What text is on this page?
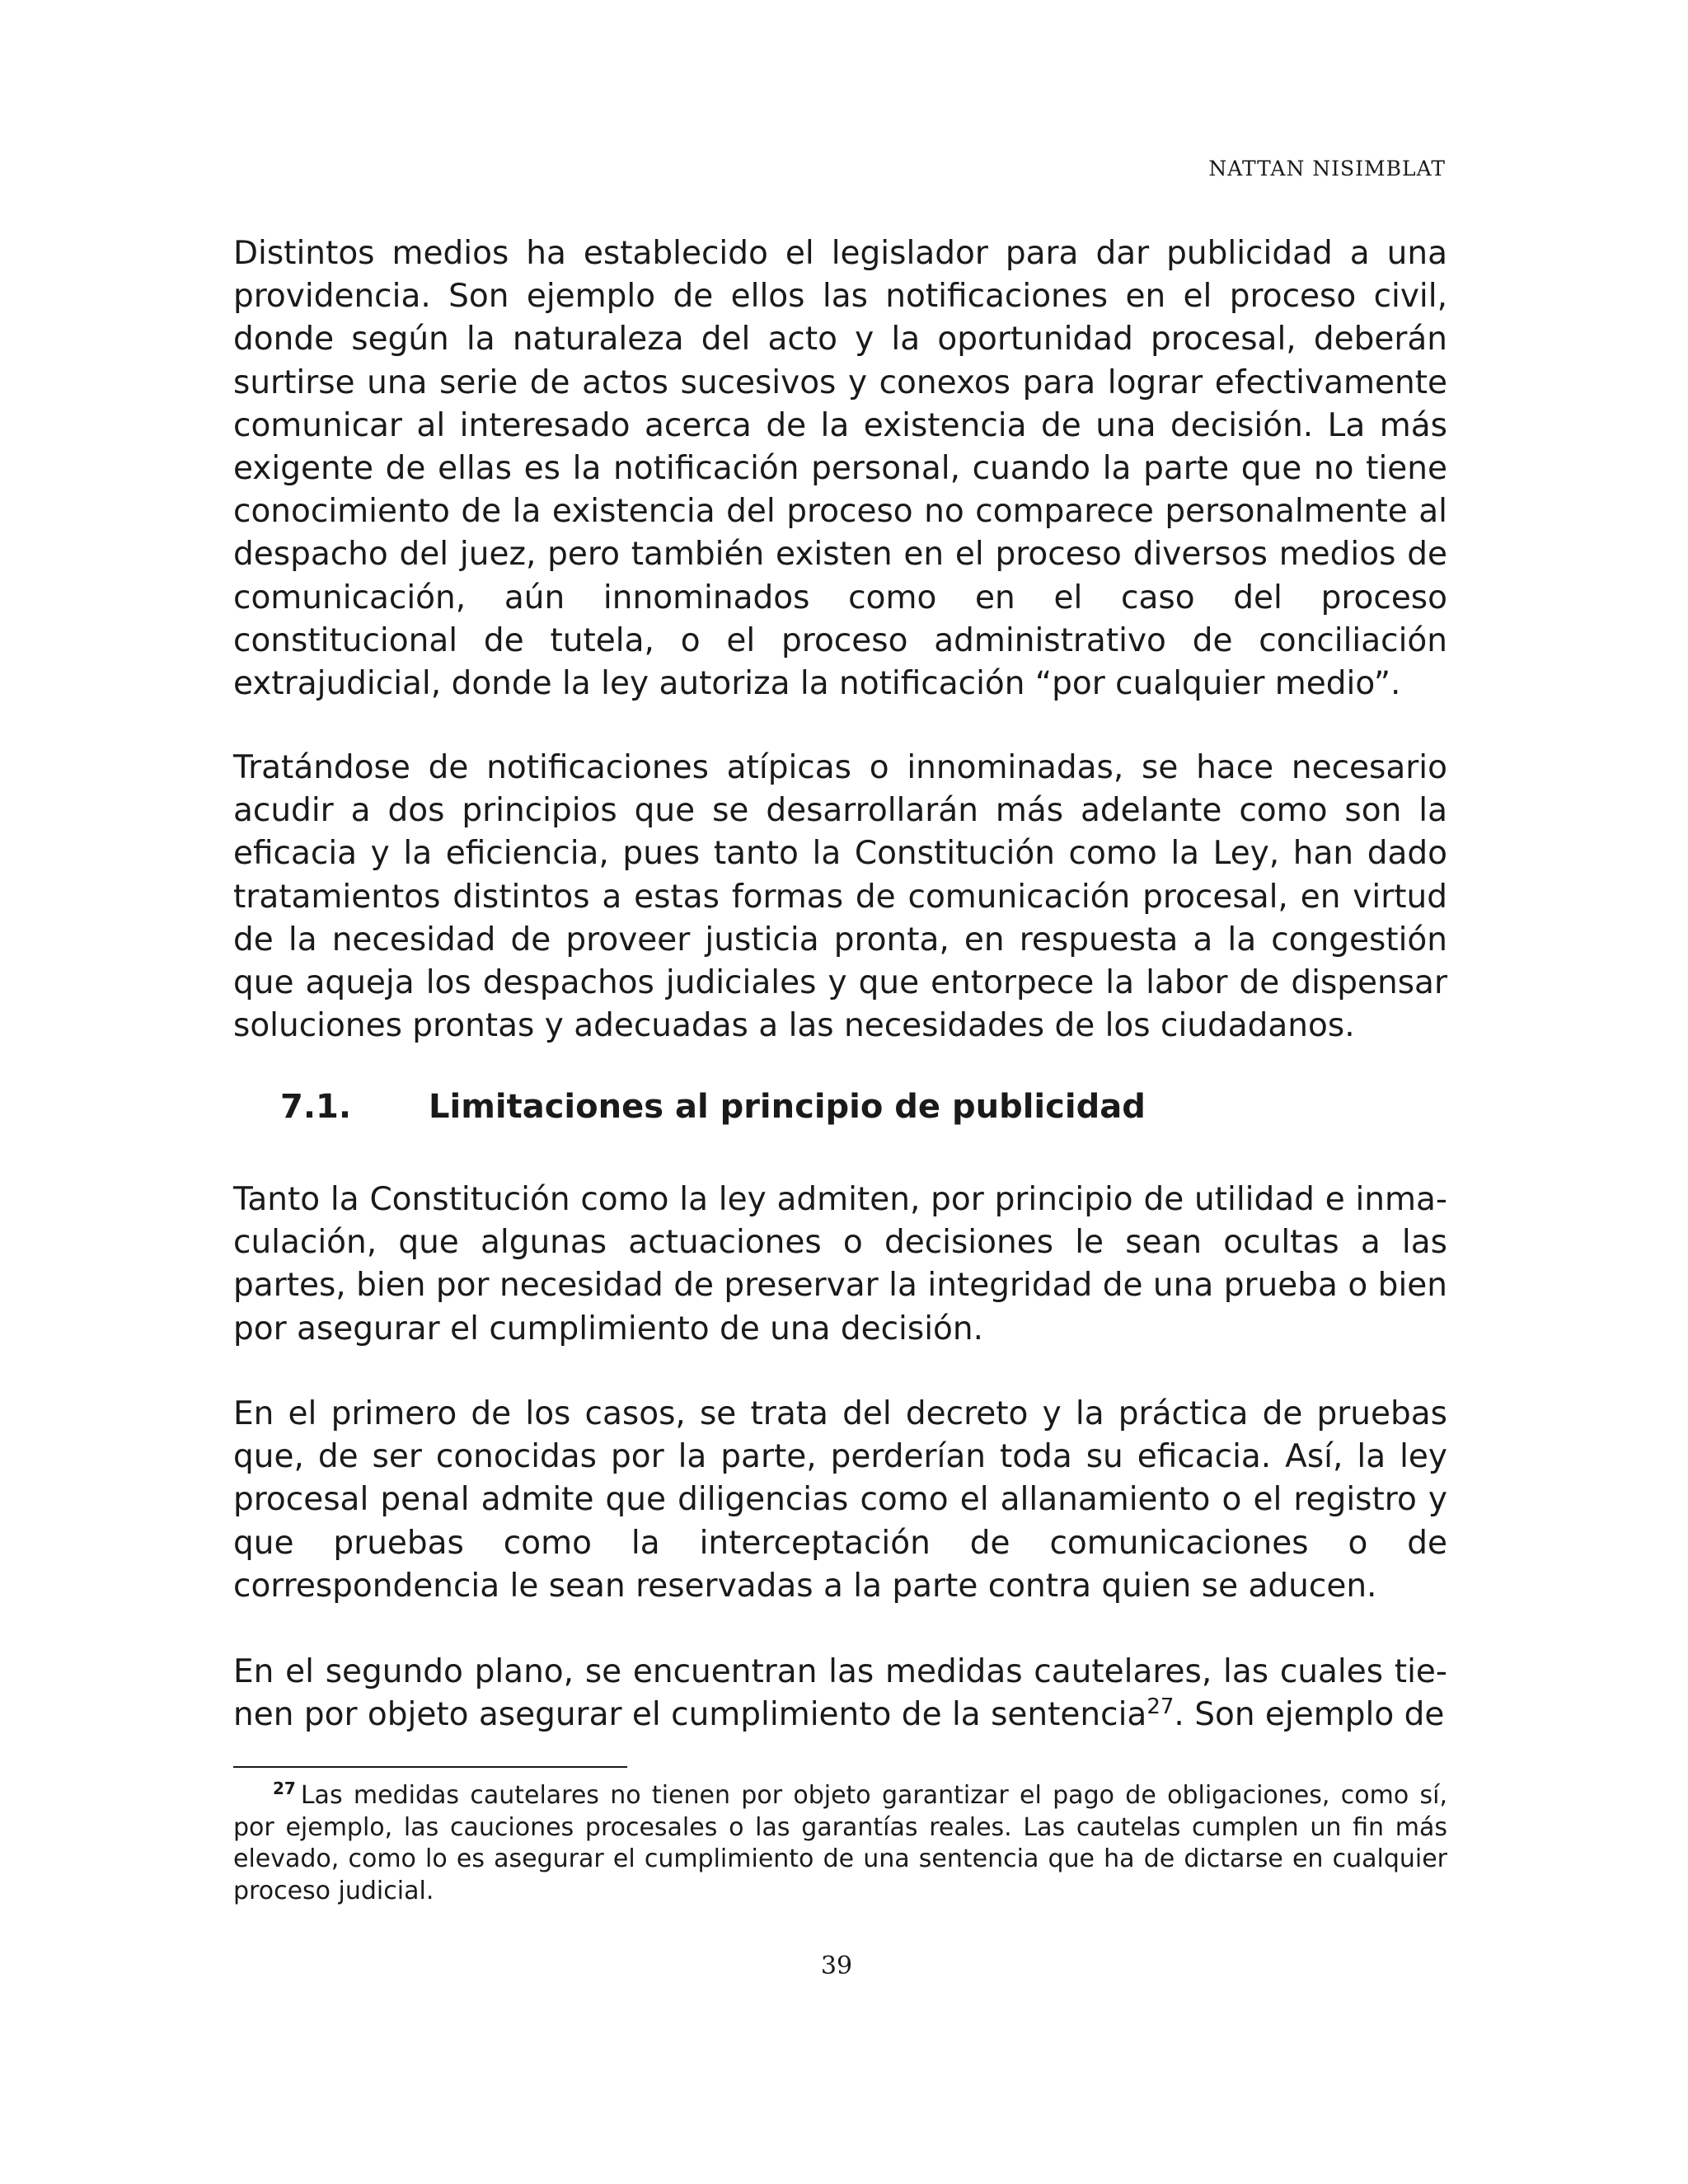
NATTAN NISIMBLAT

Distintos medios ha establecido el legislador para dar publicidad a una providencia. Son ejemplo de ellos las notificaciones en el proceso civil, donde según la naturaleza del acto y la oportunidad procesal, deberán surtirse una serie de actos sucesivos y conexos para lograr efectivamente comunicar al interesado acerca de la existencia de una decisión. La más exigente de ellas es la notificación personal, cuando la parte que no tiene conocimiento de la existencia del proceso no comparece personalmente al despacho del juez, pero también existen en el proceso diversos medios de comunicación, aún innominados como en el caso del proceso constitucional de tutela, o el proceso administrativo de conciliación extrajudicial, donde la ley autoriza la notificación “por cualquier medio”.

Tratándose de notificaciones atípicas o innominadas, se hace necesario acudir a dos principios que se desarrollarán más adelante como son la eficacia y la eficiencia, pues tanto la Constitución como la Ley, han dado tratamientos distintos a estas formas de comunicación procesal, en virtud de la necesidad de proveer justicia pronta, en respuesta a la congestión que aqueja los despachos judiciales y que entorpece la labor de dispensar soluciones prontas y adecuadas a las necesidades de los ciudadanos.

7.1. Limitaciones al principio de publicidad

Tanto la Constitución como la ley admiten, por principio de utilidad e inmaculación, que algunas actuaciones o decisiones le sean ocultas a las partes, bien por necesidad de preservar la integridad de una prueba o bien por asegurar el cumplimiento de una decisión.

En el primero de los casos, se trata del decreto y la práctica de pruebas que, de ser conocidas por la parte, perderían toda su eficacia. Así, la ley procesal penal admite que diligencias como el allanamiento o el registro y que pruebas como la interceptación de comunicaciones o de correspondencia le sean reservadas a la parte contra quien se aducen.

En el segundo plano, se encuentran las medidas cautelares, las cuales tienen por objeto asegurar el cumplimiento de la sentencia$^{27}$. Son ejemplo de

$^{27}$ Las medidas cautelares no tienen por objeto garantizar el pago de obligaciones, como sí, por ejemplo, las cauciones procesales o las garantías reales. Las cautelas cumplen un fin más elevado, como lo es asegurar el cumplimiento de una sentencia que ha de dictarse en cualquier proceso judicial.
39
